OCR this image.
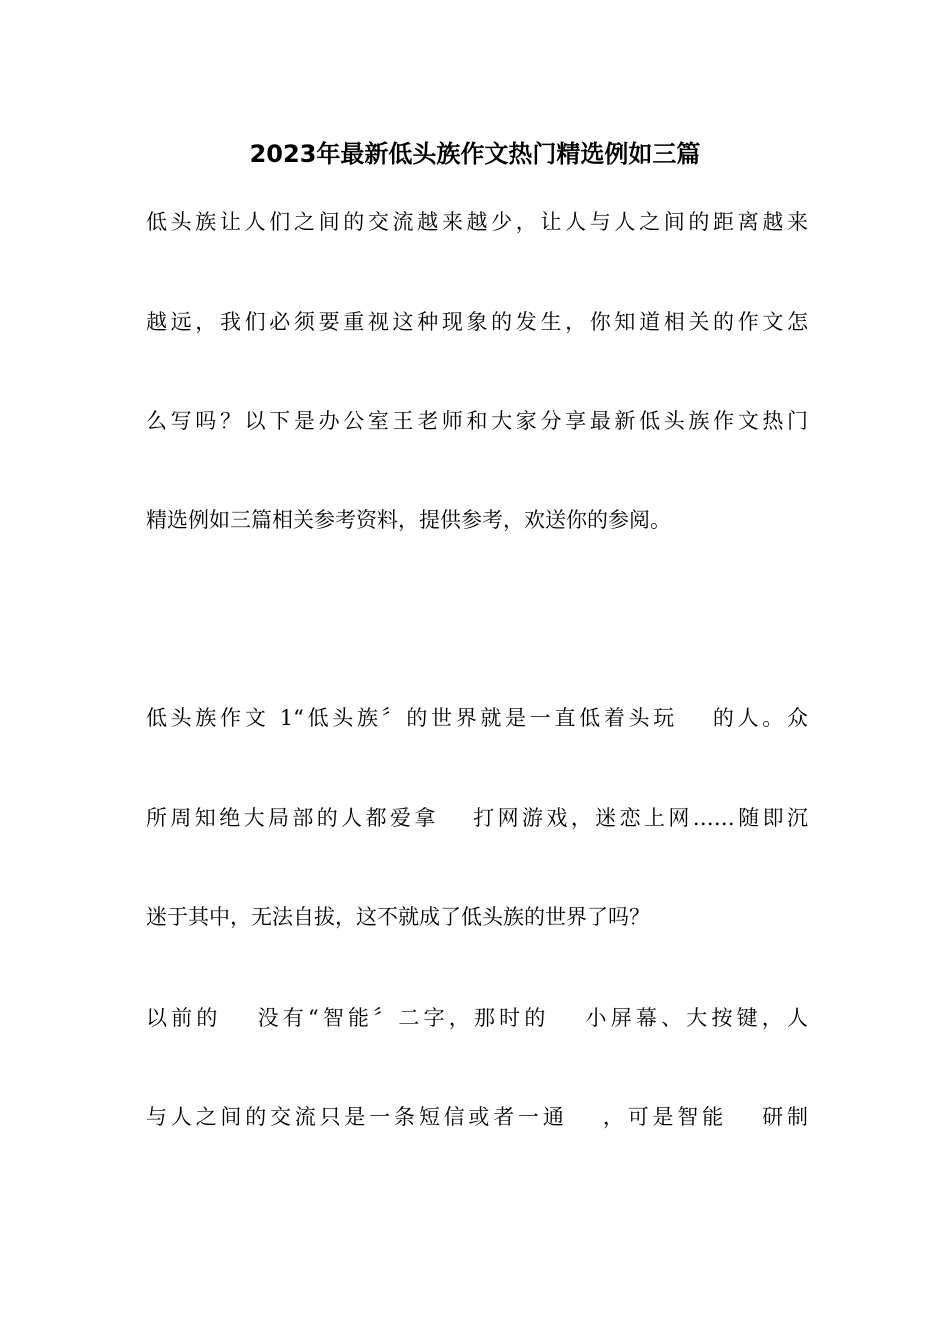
2023年最新低头族作文热门精选例如三篇
低头族让人们之间的交流越来越少，让人与人之间的距离越来
越远，我们必须要重视这种现象的发生，你知道相关的作文怎
么写吗？以下是办公室王老师和大家分享最新低头族作文热门
精选例如三篇相关参考资料，提供参考，欢送你的参阅。
低头族作文 1“低头族〞的世界就是一直低着头玩　 的人。众
所周知绝大局部的人都爱拿　 打网游戏，迷恋上网……随即沉
迷于其中，无法自拔，这不就成了低头族的世界了吗？
以前的　 没有“智能〞二字，那时的　 小屏幕、大按键，人
与人之间的交流只是一条短信或者一通　 ，可是智能　 研制
